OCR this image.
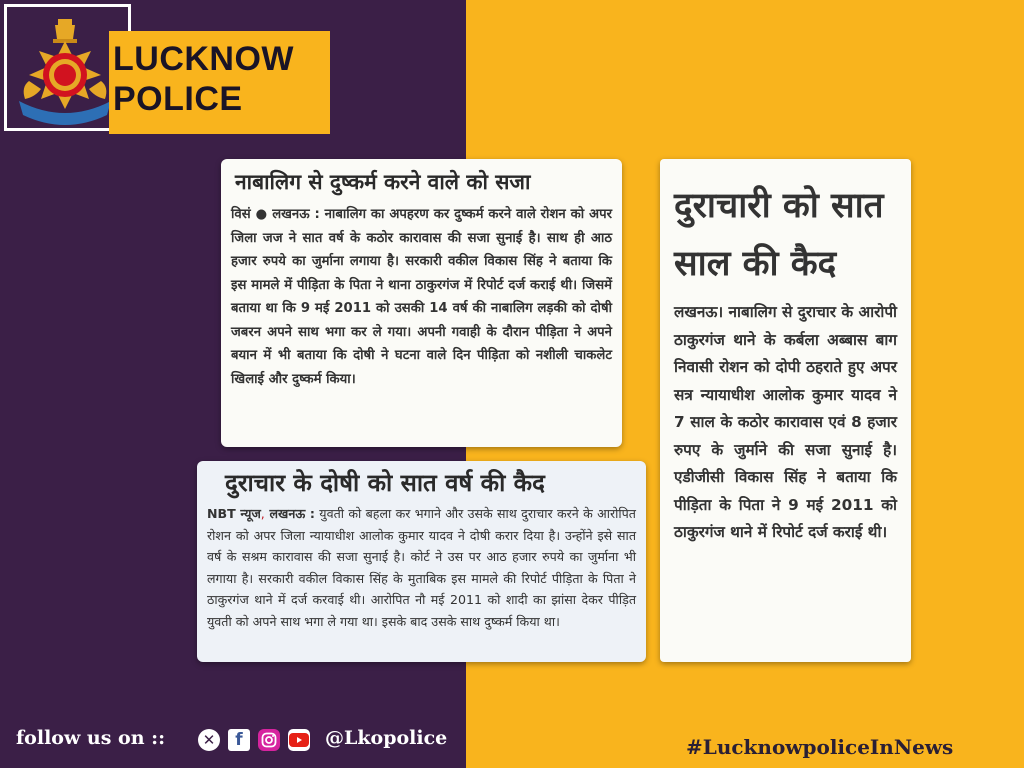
LUCKNOW
POLICE
नाबालिग से दुष्कर्म करने वाले को सजा
विसं ● लखनऊ : नाबालिग का अपहरण कर दुष्कर्म करने वाले रोशन को अपर जिला जज ने सात वर्ष के कठोर कारावास की सजा सुनाई है। साथ ही आठ हजार रुपये का जुर्माना लगाया है। सरकारी वकील विकास सिंह ने बताया कि इस मामले में पीड़िता के पिता ने थाना ठाकुरगंज में रिपोर्ट दर्ज कराई थी। जिसमें बताया था कि 9 मई 2011 को उसकी 14 वर्ष की नाबालिग लड़की को दोषी जबरन अपने साथ भगा कर ले गया। अपनी गवाही के दौरान पीड़िता ने अपने बयान में भी बताया कि दोषी ने घटना वाले दिन पीड़िता को नशीली चाकलेट खिलाई और दुष्कर्म किया।
दुराचारी को सात साल की कैद
लखनऊ। नाबालिग से दुराचार के आरोपी ठाकुरगंज थाने के कर्बला अब्बास बाग निवासी रोशन को दोपी ठहराते हुए अपर सत्र न्यायाधीश आलोक कुमार यादव ने 7 साल के कठोर कारावास एवं 8 हजार रुपए के जुर्माने की सजा सुनाई है। एडीजीसी विकास सिंह ने बताया कि पीड़िता के पिता ने 9 मई 2011 को ठाकुरगंज थाने में रिपोर्ट दर्ज कराई थी।
दुराचार के दोषी को सात वर्ष की कैद
NBT न्यूज, लखनऊ : युवती को बहला कर भगाने और उसके साथ दुराचार करने के आरोपित रोशन को अपर जिला न्यायाधीश आलोक कुमार यादव ने दोषी करार दिया है। उन्होंने इसे सात वर्ष के सश्रम कारावास की सजा सुनाई है। कोर्ट ने उस पर आठ हजार रुपये का जुर्माना भी लगाया है। सरकारी वकील विकास सिंह के मुताबिक इस मामले की रिपोर्ट पीड़िता के पिता ने ठाकुरगंज थाने में दर्ज करवाई थी। आरोपित नौ मई 2011 को शादी का झांसा देकर पीड़ित युवती को अपने साथ भगा ले गया था। इसके बाद उसके साथ दुष्कर्म किया था।
follow us on ::	✕	f	@Lkopolice	#LucknowpoliceInNews
